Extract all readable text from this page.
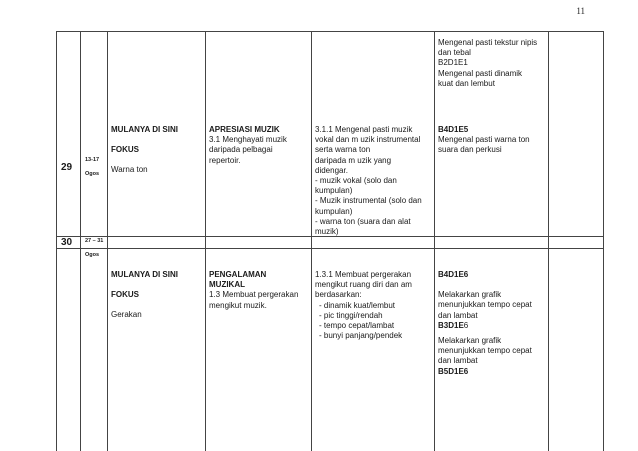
11
Mengenal pasti tekstur nipis
dan tebal
B2D1E1
Mengenal pasti dinamik
kuat dan lembut
29
13-17
Ogos
MULANYA DI SINI
FOKUS
Warna ton
APRESIASI MUZIK
3.1 Menghayati muzik
daripada pelbagai
repertoir.
3.1.1 Mengenal pasti muzik
vokal dan m uzik instrumental
serta warna ton
daripada m uzik yang
didengar.
- muzik vokal (solo dan
kumpulan)
- Muzik instrumental (solo dan
kumpulan)
- warna ton (suara dan alat
muzik)
B4D1E5
Mengenal pasti warna ton
suara dan perkusi
30 27 – 31
Ogos
MULANYA DI SINI
FOKUS
Gerakan
PENGALAMAN
MUZIKAL
1.3 Membuat pergerakan
mengikut muzik.
1.3.1 Membuat pergerakan
mengikut ruang diri dan am
berdasarkan:
- dinamik kuat/lembut
- pic tinggi/rendah
- tempo cepat/lambat
- bunyi panjang/pendek
B4D1E6
Melakarkan grafik
menunjukkan tempo cepat
dan lambat
B3D1E6
Melakarkan grafik
menunjukkan tempo cepat
dan lambat
B5D1E6
